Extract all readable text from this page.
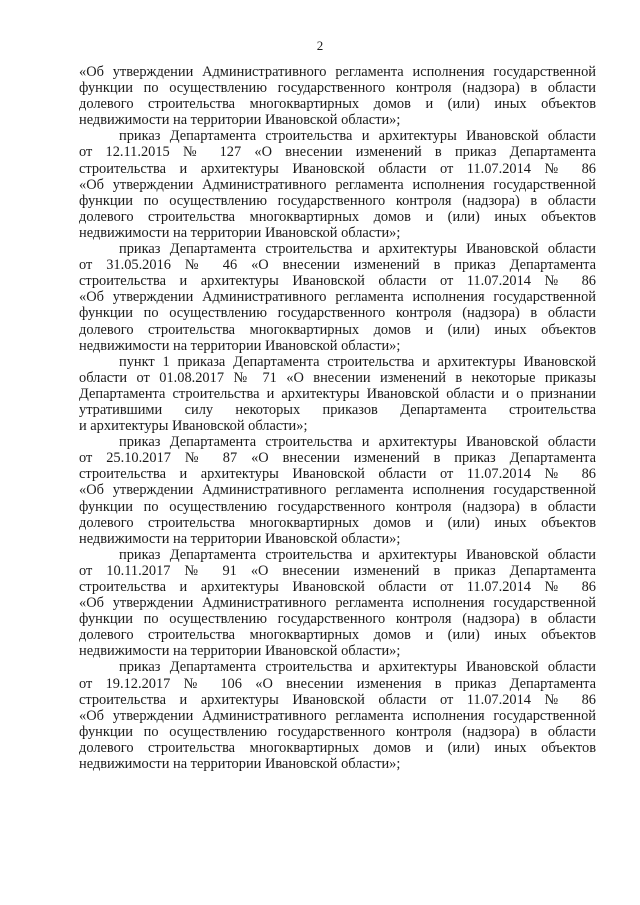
2
«Об утверждении Административного регламента исполнения государственной
функции по осуществлению государственного контроля (надзора) в области
долевого строительства многоквартирных домов и (или) иных объектов
недвижимости на территории Ивановской области»;
приказ Департамента строительства и архитектуры Ивановской области
от 12.11.2015 № 127 «О внесении изменений в приказ Департамента
строительства и архитектуры Ивановской области от 11.07.2014 № 86
«Об утверждении Административного регламента исполнения государственной
функции по осуществлению государственного контроля (надзора) в области
долевого строительства многоквартирных домов и (или) иных объектов
недвижимости на территории Ивановской области»;
приказ Департамента строительства и архитектуры Ивановской области
от 31.05.2016 № 46 «О внесении изменений в приказ Департамента
строительства и архитектуры Ивановской области от 11.07.2014 № 86
«Об утверждении Административного регламента исполнения государственной
функции по осуществлению государственного контроля (надзора) в области
долевого строительства многоквартирных домов и (или) иных объектов
недвижимости на территории Ивановской области»;
пункт 1 приказа Департамента строительства и архитектуры Ивановской
области от 01.08.2017 № 71 «О внесении изменений в некоторые приказы
Департамента строительства и архитектуры Ивановской области и о признании
утратившими силу некоторых приказов Департамента строительства
и архитектуры Ивановской области»;
приказ Департамента строительства и архитектуры Ивановской области
от 25.10.2017 № 87 «О внесении изменений в приказ Департамента
строительства и архитектуры Ивановской области от 11.07.2014 № 86
«Об утверждении Административного регламента исполнения государственной
функции по осуществлению государственного контроля (надзора) в области
долевого строительства многоквартирных домов и (или) иных объектов
недвижимости на территории Ивановской области»;
приказ Департамента строительства и архитектуры Ивановской области
от 10.11.2017 № 91 «О внесении изменений в приказ Департамента
строительства и архитектуры Ивановской области от 11.07.2014 № 86
«Об утверждении Административного регламента исполнения государственной
функции по осуществлению государственного контроля (надзора) в области
долевого строительства многоквартирных домов и (или) иных объектов
недвижимости на территории Ивановской области»;
приказ Департамента строительства и архитектуры Ивановской области
от 19.12.2017 № 106 «О внесении изменения в приказ Департамента
строительства и архитектуры Ивановской области от 11.07.2014 № 86
«Об утверждении Административного регламента исполнения государственной
функции по осуществлению государственного контроля (надзора) в области
долевого строительства многоквартирных домов и (или) иных объектов
недвижимости на территории Ивановской области»;
